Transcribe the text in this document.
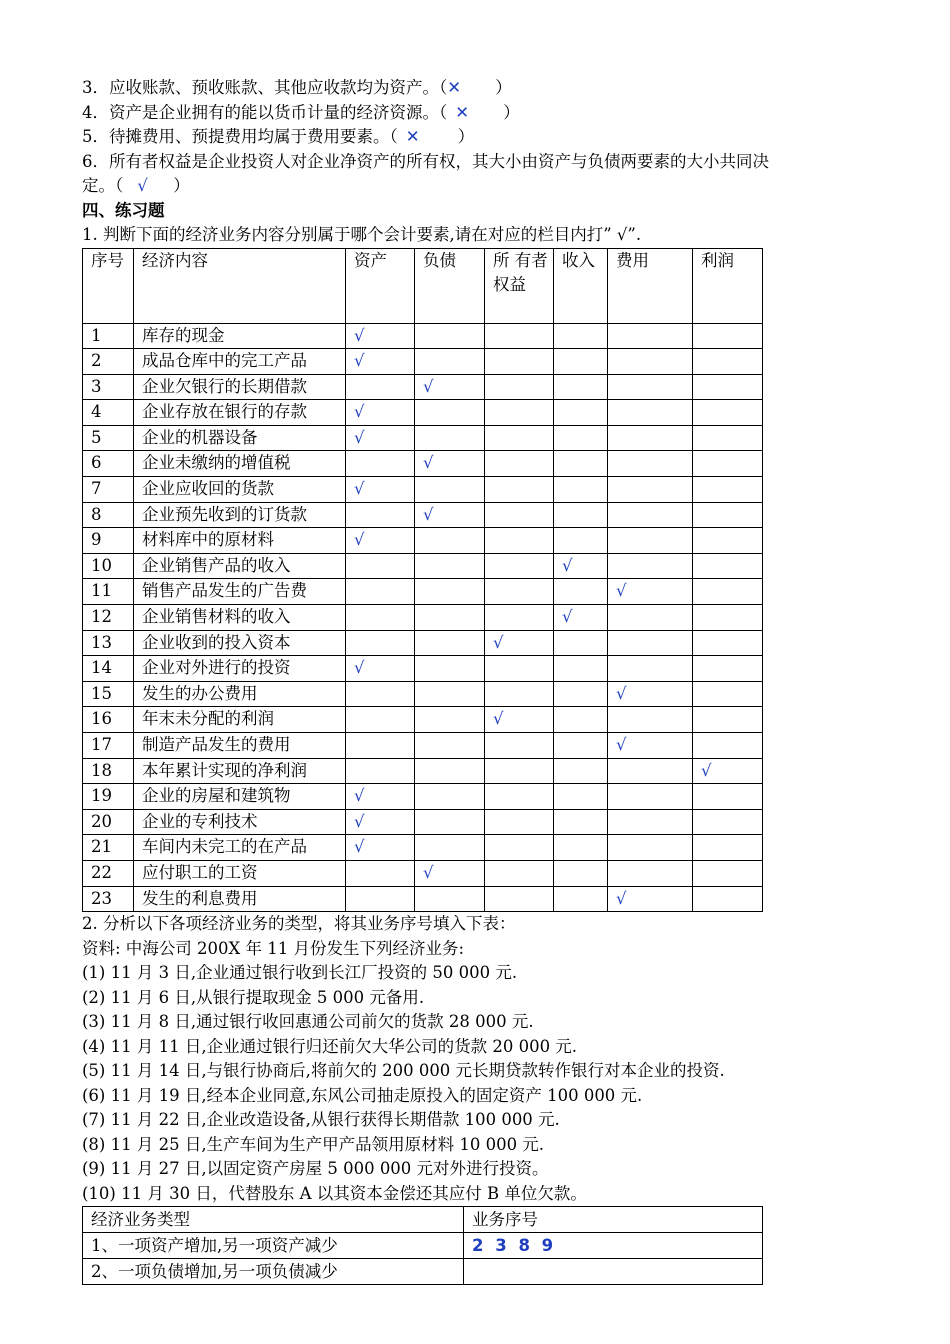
3．应收账款、预收账款、其他应收款均为资产。（✕ ）
4．资产是企业拥有的能以货币计量的经济资源。（ ✕ ）
5．待摊费用、预提费用均属于费用要素。（ ✕ ）
6．所有者权益是企业投资人对企业净资产的所有权，其大小由资产与负债两要素的大小共同决
定。（ √ ）
四、练习题
1. 判断下面的经济业务内容分别属于哪个会计要素,请在对应的栏目内打” √”.
序号	经济内容	资产	负债	所 有者 权益	收入	费用	利润
1	库存的现金	√					
2	成品仓库中的完工产品	√					
3	企业欠银行的长期借款		√				
4	企业存放在银行的存款	√					
5	企业的机器设备	√					
6	企业未缴纳的增值税		√				
7	企业应收回的货款	√					
8	企业预先收到的订货款		√				
9	材料库中的原材料	√					
10	企业销售产品的收入				√		
11	销售产品发生的广告费					√	
12	企业销售材料的收入				√		
13	企业收到的投入资本			√			
14	企业对外进行的投资	√					
15	发生的办公费用					√	
16	年末未分配的利润			√			
17	制造产品发生的费用					√	
18	本年累计实现的净利润						√
19	企业的房屋和建筑物	√					
20	企业的专利技术	√					
21	车间内未完工的在产品	√					
22	应付职工的工资		√				
23	发生的利息费用					√	
2. 分析以下各项经济业务的类型，将其业务序号填入下表：
资料: 中海公司 200X 年 11 月份发生下列经济业务:
(1) 11 月 3 日,企业通过银行收到长江厂投资的 50 000 元.
(2) 11 月 6 日,从银行提取现金 5 000 元备用.
(3) 11 月 8 日,通过银行收回惠通公司前欠的货款 28 000 元.
(4) 11 月 11 日,企业通过银行归还前欠大华公司的货款 20 000 元.
(5) 11 月 14 日,与银行协商后,将前欠的 200 000 元长期贷款转作银行对本企业的投资.
(6) 11 月 19 日,经本企业同意,东风公司抽走原投入的固定资产 100 000 元.
(7) 11 月 22 日,企业改造设备,从银行获得长期借款 100 000 元.
(8) 11 月 25 日,生产车间为生产甲产品领用原材料 10 000 元.
(9) 11 月 27 日,以固定资产房屋 5 000 000 元对外进行投资。
(10) 11 月 30 日，代替股东 A 以其资本金偿还其应付 B 单位欠款。
经济业务类型	业务序号
1、一项资产增加,另一项资产减少	2 3 8 9
2、一项负债增加,另一项负债减少	
